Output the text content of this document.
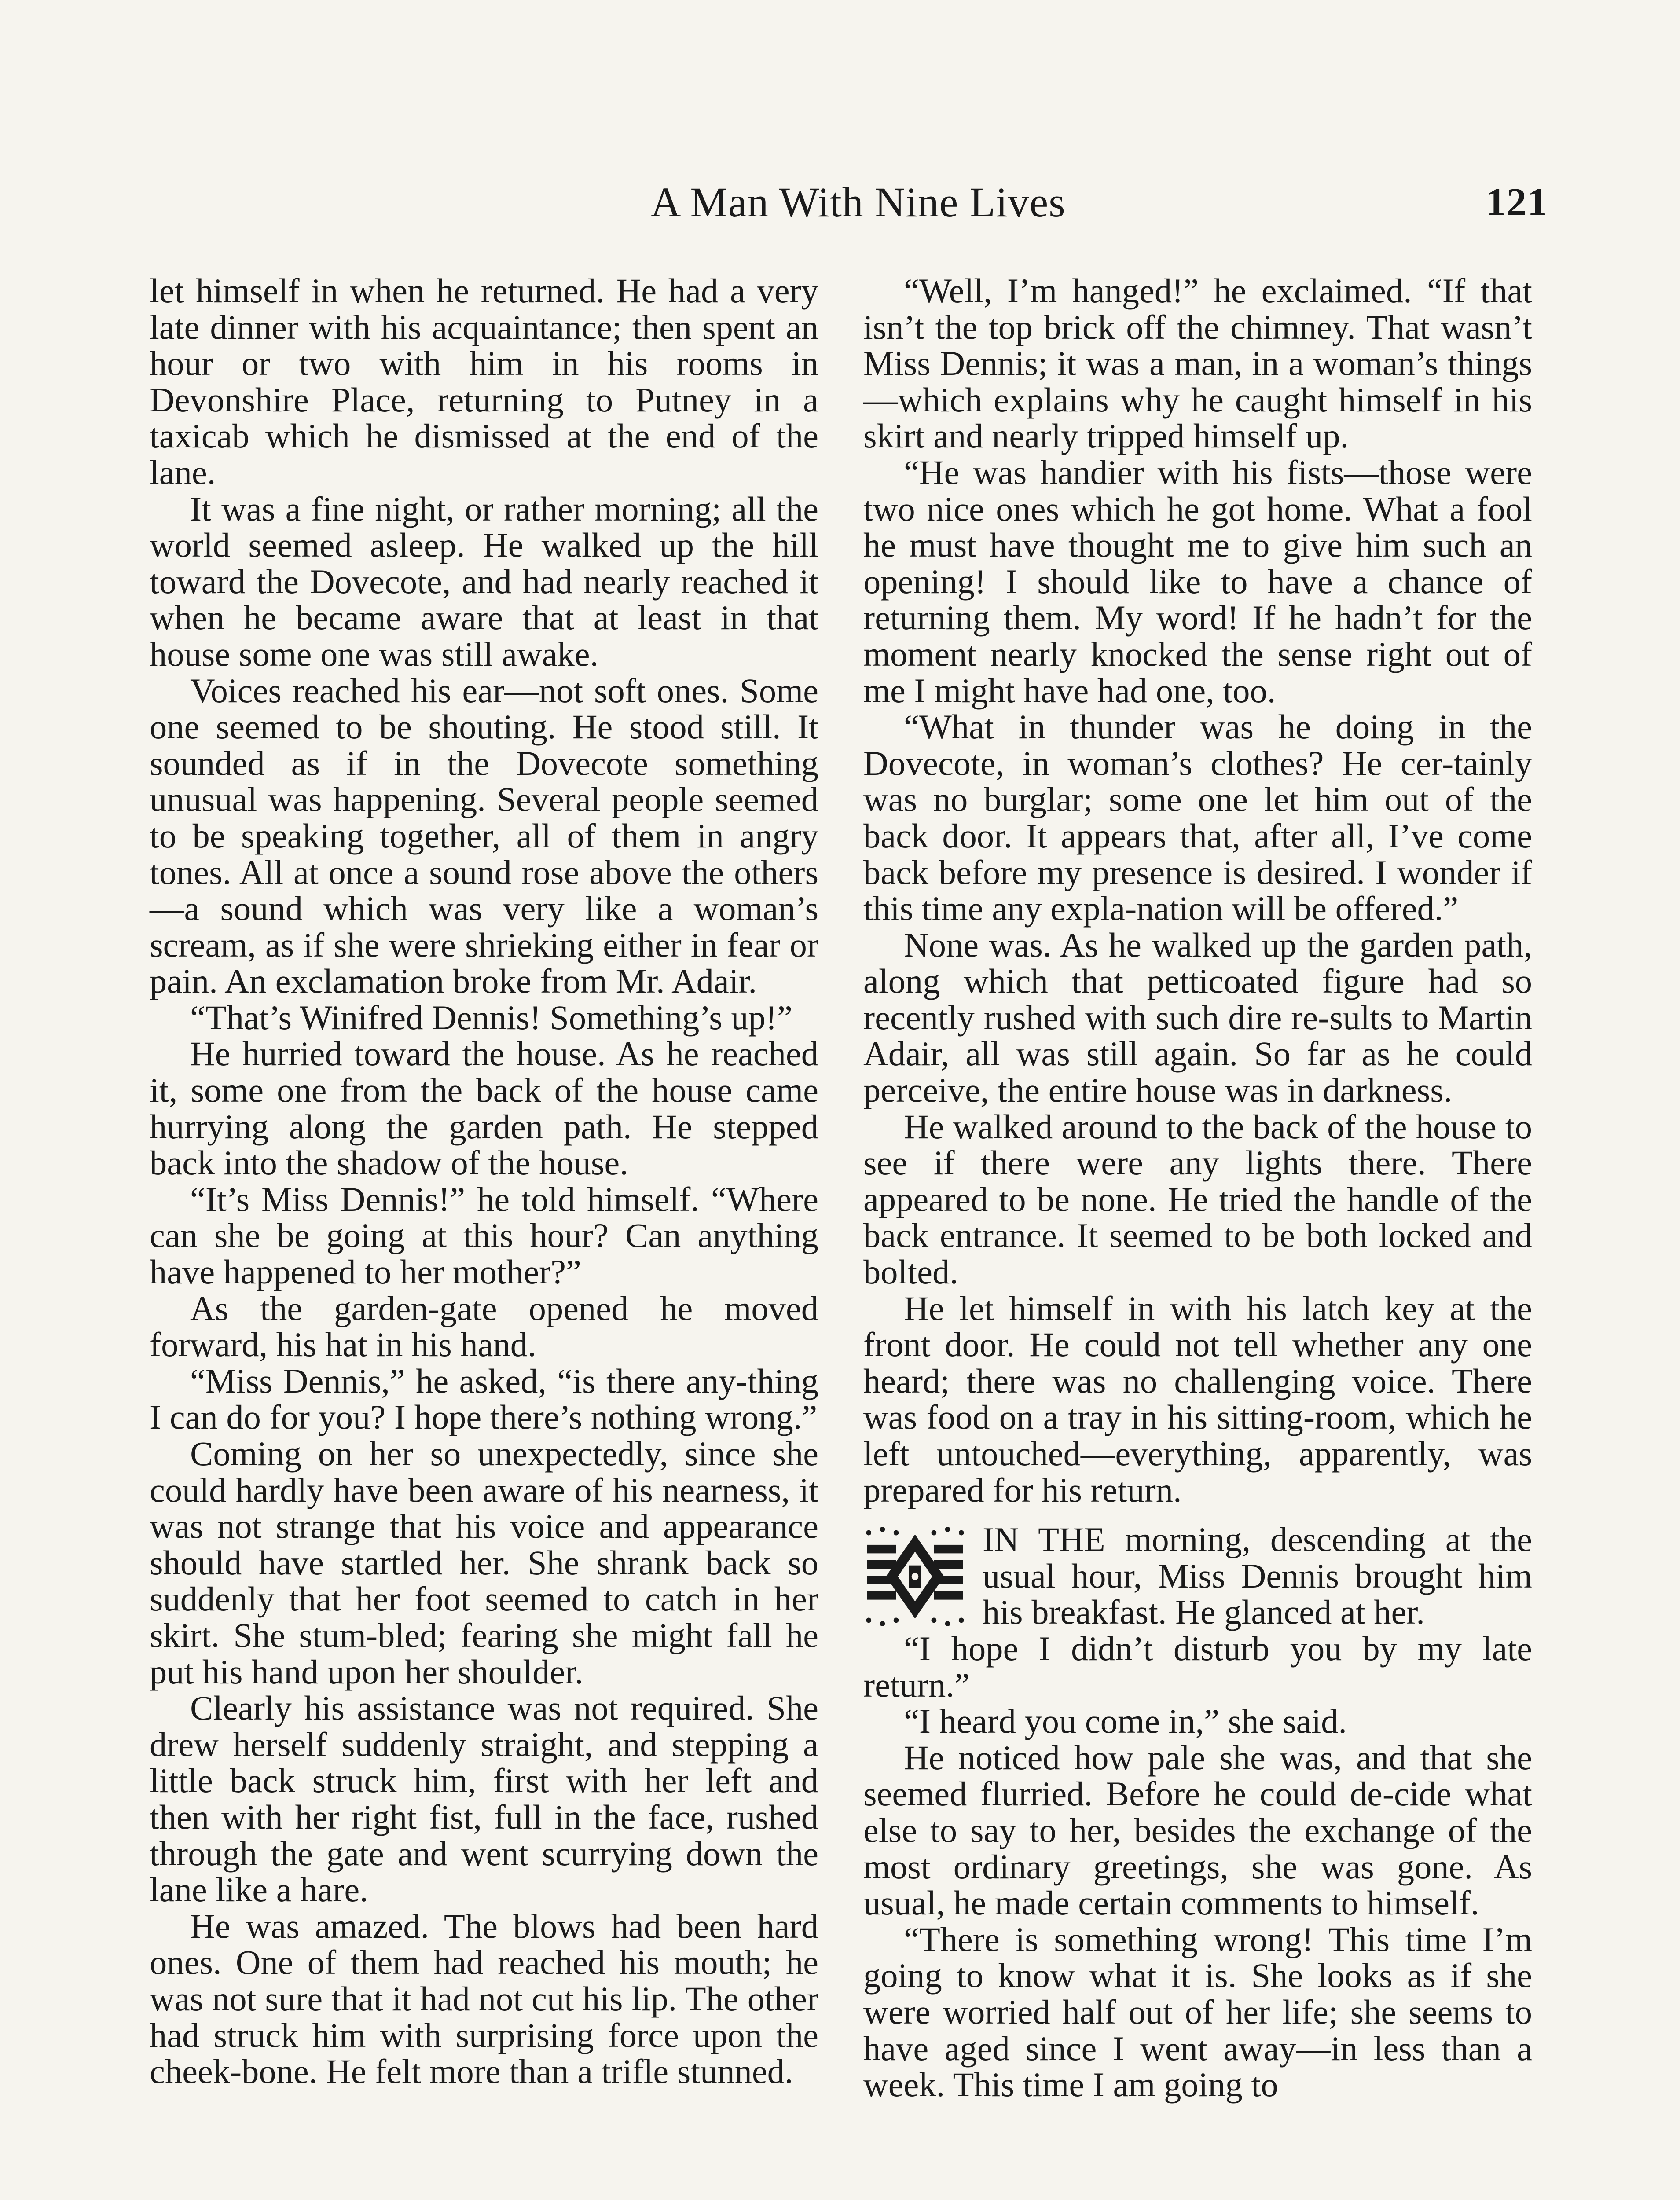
A Man With Nine Lives	121

let himself in when he returned. He had a very late dinner with his acquaintance; then spent an hour or two with him in his rooms in Devonshire Place, returning to Putney in a taxicab which he dismissed at the end of the lane.

It was a fine night, or rather morning; all the world seemed asleep. He walked up the hill toward the Dovecote, and had nearly reached it when he became aware that at least in that house some one was still awake.

Voices reached his ear—not soft ones. Some one seemed to be shouting. He stood still. It sounded as if in the Dovecote something unusual was happening. Several people seemed to be speaking together, all of them in angry tones. All at once a sound rose above the others—a sound which was very like a woman’s scream, as if she were shrieking either in fear or pain. An exclamation broke from Mr. Adair.

“That’s Winifred Dennis! Something’s up!”

He hurried toward the house. As he reached it, some one from the back of the house came hurrying along the garden path. He stepped back into the shadow of the house.

“It’s Miss Dennis!” he told himself. “Where can she be going at this hour? Can anything have happened to her mother?”

As the garden-gate opened he moved forward, his hat in his hand.

“Miss Dennis,” he asked, “is there any-thing I can do for you? I hope there’s nothing wrong.”

Coming on her so unexpectedly, since she could hardly have been aware of his nearness, it was not strange that his voice and appearance should have startled her. She shrank back so suddenly that her foot seemed to catch in her skirt. She stum-bled; fearing she might fall he put his hand upon her shoulder.

Clearly his assistance was not required. She drew herself suddenly straight, and stepping a little back struck him, first with her left and then with her right fist, full in the face, rushed through the gate and went scurrying down the lane like a hare.

He was amazed. The blows had been hard ones. One of them had reached his mouth; he was not sure that it had not cut his lip. The other had struck him with surprising force upon the cheek-bone. He felt more than a trifle stunned.

“Well, I’m hanged!” he exclaimed. “If that isn’t the top brick off the chimney. That wasn’t Miss Dennis; it was a man, in a woman’s things—which explains why he caught himself in his skirt and nearly tripped himself up.

“He was handier with his fists—those were two nice ones which he got home. What a fool he must have thought me to give him such an opening! I should like to have a chance of returning them. My word! If he hadn’t for the moment nearly knocked the sense right out of me I might have had one, too.

“What in thunder was he doing in the Dovecote, in woman’s clothes? He cer-tainly was no burglar; some one let him out of the back door. It appears that, after all, I’ve come back before my presence is desired. I wonder if this time any expla-nation will be offered.”

None was. As he walked up the garden path, along which that petticoated figure had so recently rushed with such dire re-sults to Martin Adair, all was still again. So far as he could perceive, the entire house was in darkness.

He walked around to the back of the house to see if there were any lights there. There appeared to be none. He tried the handle of the back entrance. It seemed to be both locked and bolted.

He let himself in with his latch key at the front door. He could not tell whether any one heard; there was no challenging voice. There was food on a tray in his sitting-room, which he left untouched—everything, apparently, was prepared for his return.

IN THE morning, descending at the usual hour, Miss Dennis brought him his breakfast. He glanced at her.

“I hope I didn’t disturb you by my late return.”

“I heard you come in,” she said.

He noticed how pale she was, and that she seemed flurried. Before he could de-cide what else to say to her, besides the exchange of the most ordinary greetings, she was gone. As usual, he made certain comments to himself.

“There is something wrong! This time I’m going to know what it is. She looks as if she were worried half out of her life; she seems to have aged since I went away—in less than a week. This time I am going to
